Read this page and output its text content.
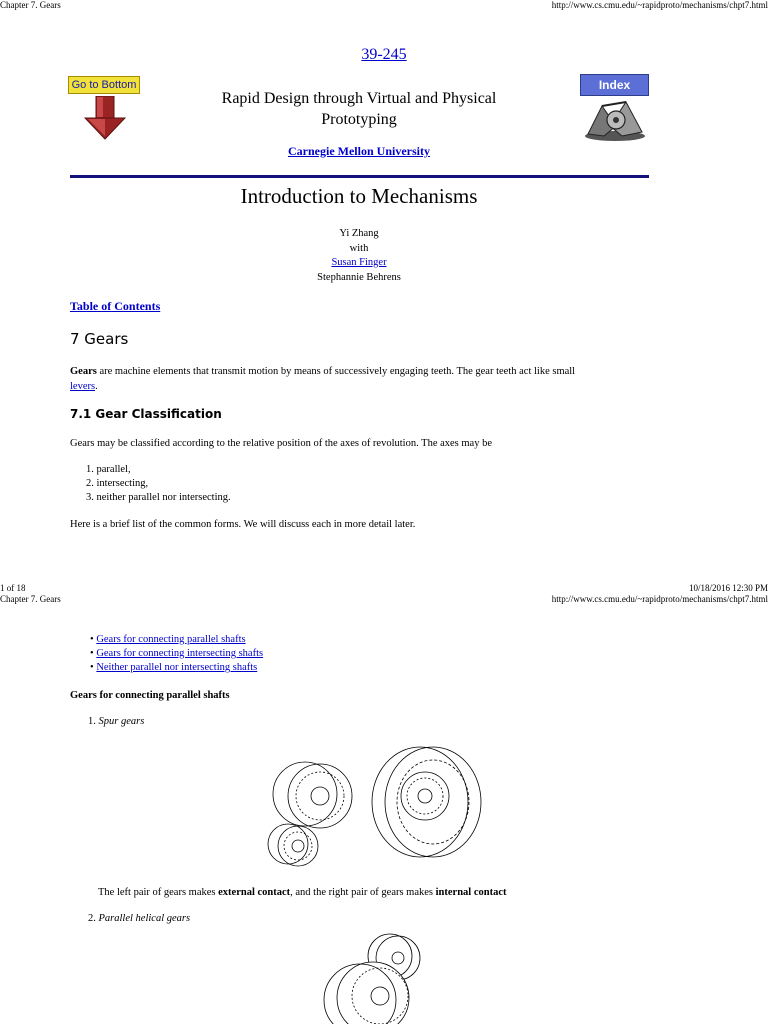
Chapter 7. Gears	http://www.cs.cmu.edu/~rapidproto/mechanisms/chpt7.html
39-245
Go to Bottom	Index
Rapid Design through Virtual and Physical
Prototyping
Carnegie Mellon University
Introduction to Mechanisms
Yi Zhang
with
Susan Finger
Stephannie Behrens
Table of Contents
7 Gears
Gears are machine elements that transmit motion by means of successively engaging teeth. The gear teeth act like small
levers.
7.1 Gear Classification
Gears may be classified according to the relative position of the axes of revolution. The axes may be
1. parallel,
2. intersecting,
3. neither parallel nor intersecting.
Here is a brief list of the common forms. We will discuss each in more detail later.
1 of 18	10/18/2016 12:30 PM
Chapter 7. Gears	http://www.cs.cmu.edu/~rapidproto/mechanisms/chpt7.html
• Gears for connecting parallel shafts
• Gears for connecting intersecting shafts
• Neither parallel nor intersecting shafts
Gears for connecting parallel shafts
1. Spur gears
The left pair of gears makes external contact, and the right pair of gears makes internal contact
2. Parallel helical gears
